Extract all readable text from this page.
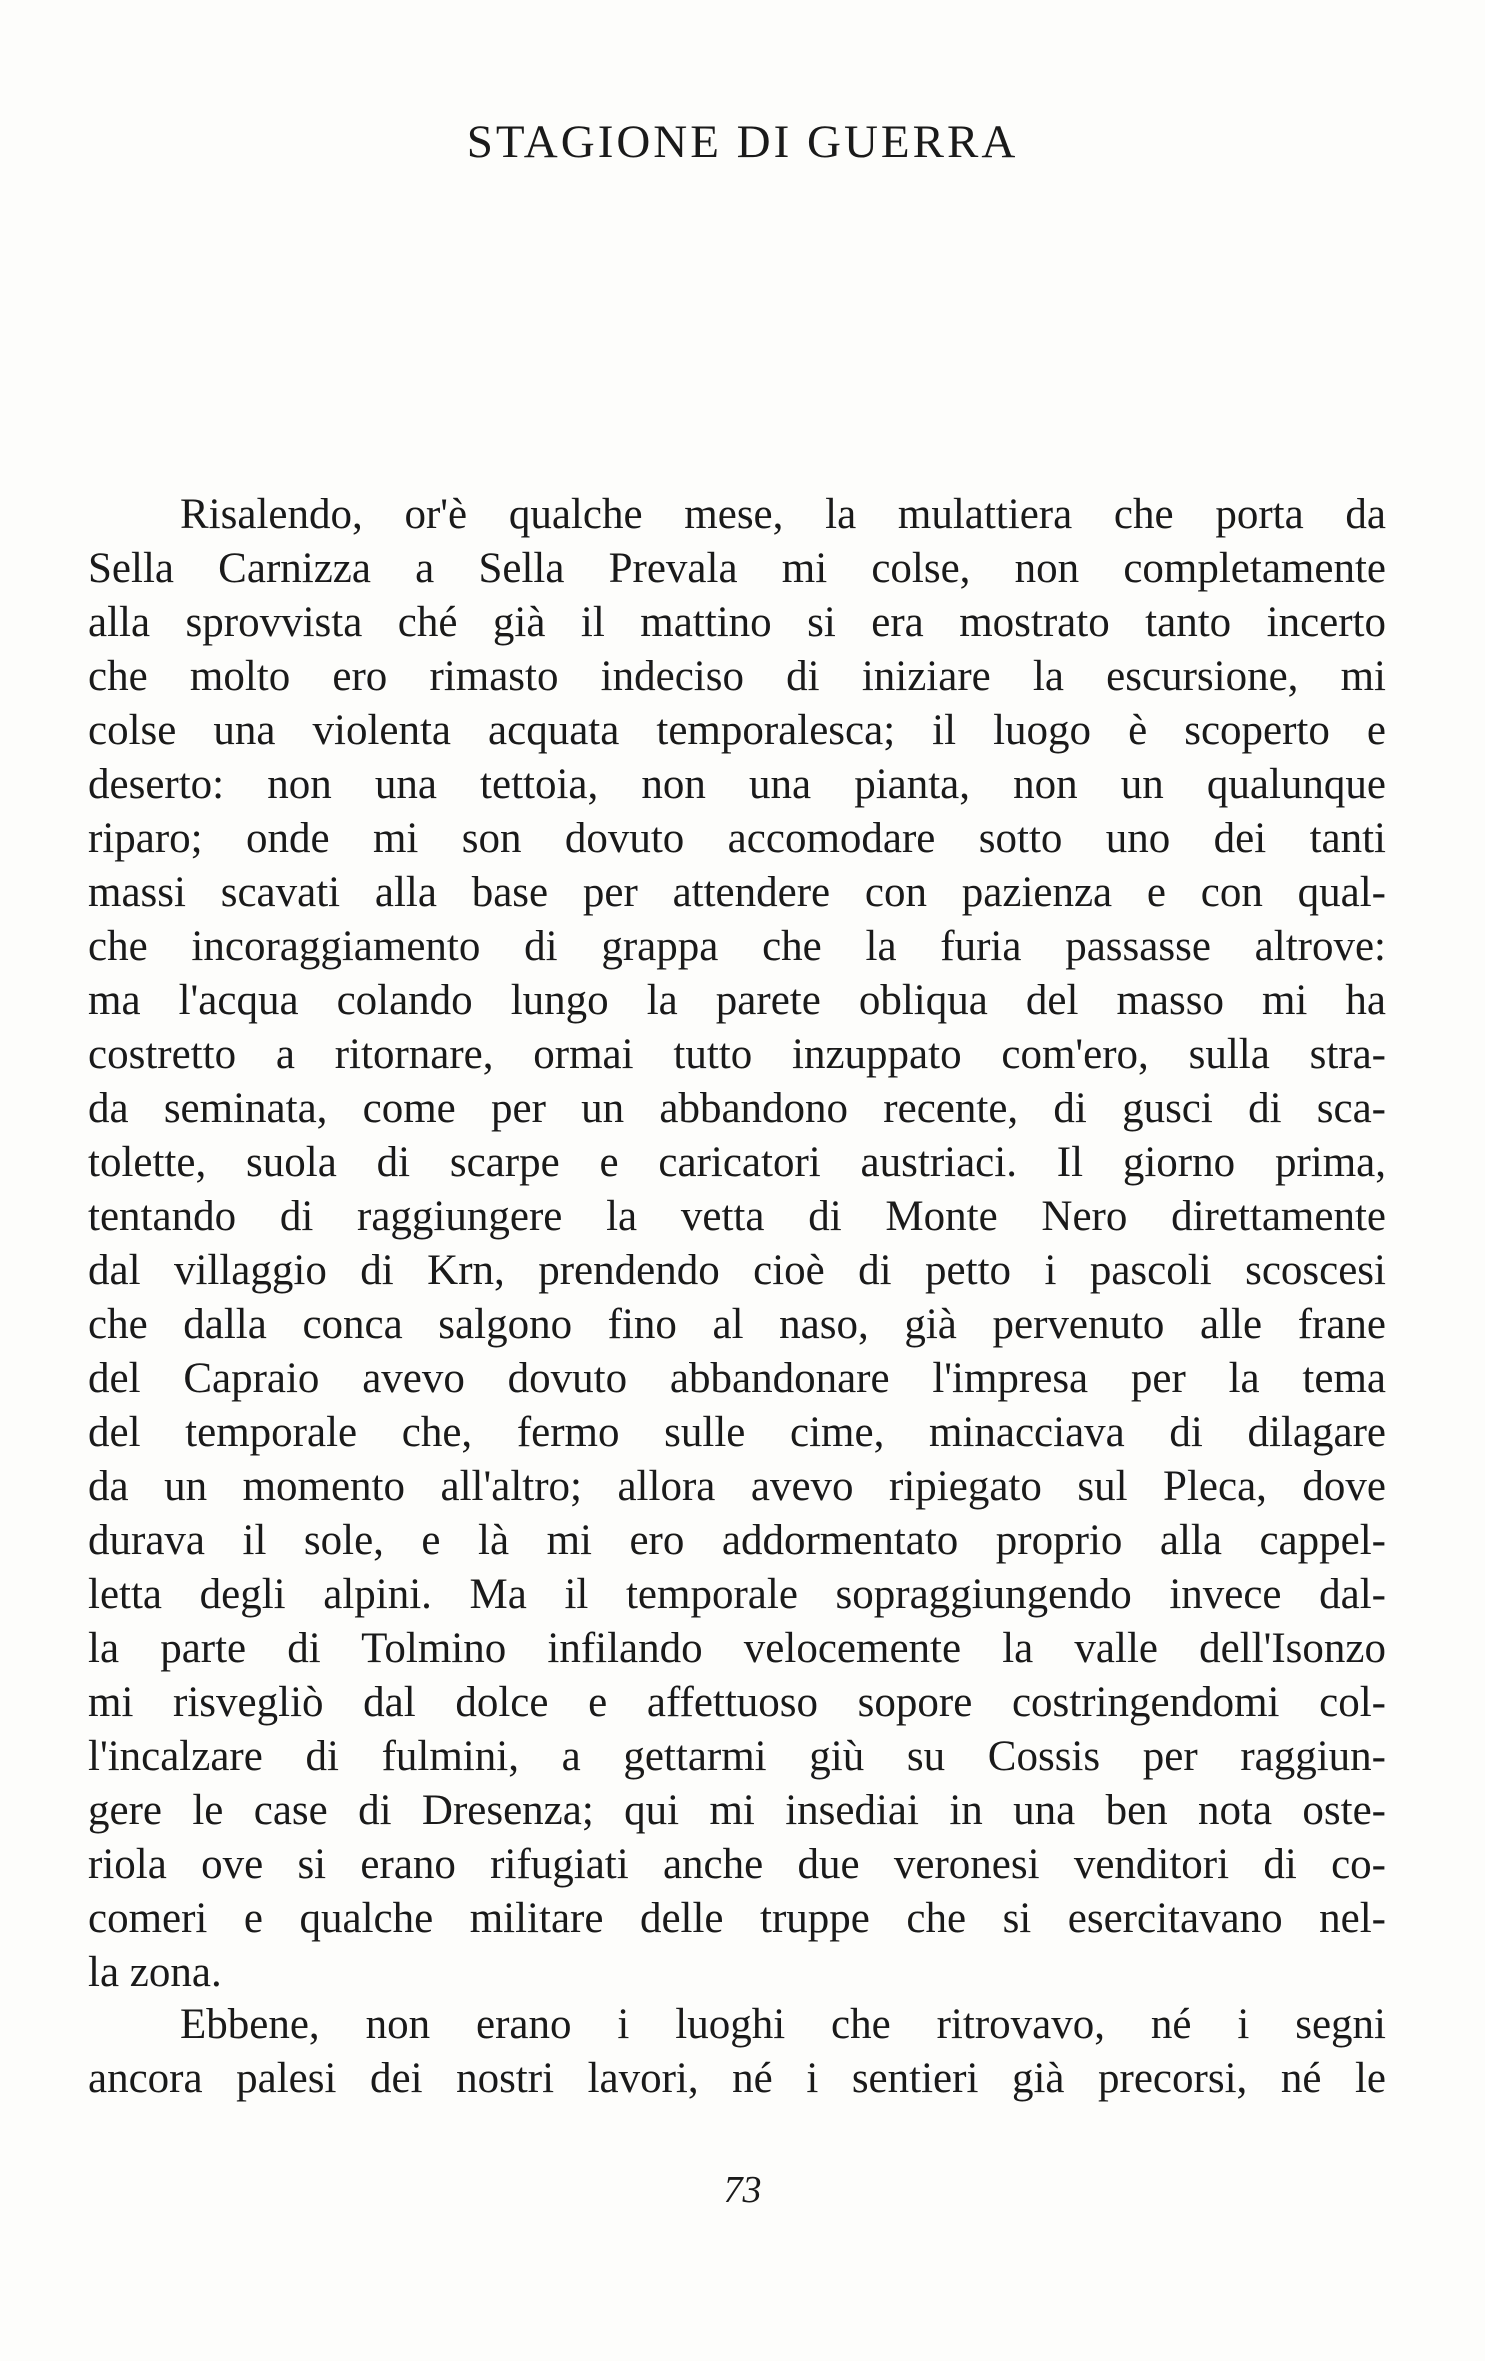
STAGIONE DI GUERRA
Risalendo, or'è qualche mese, la mulattiera che porta da
Sella Carnizza a Sella Prevala mi colse, non completamente
alla sprovvista ché già il mattino si era mostrato tanto incerto
che molto ero rimasto indeciso di iniziare la escursione, mi
colse una violenta acquata temporalesca; il luogo è scoperto e
deserto: non una tettoia, non una pianta, non un qualunque
riparo; onde mi son dovuto accomodare sotto uno dei tanti
massi scavati alla base per attendere con pazienza e con qual-
che incoraggiamento di grappa che la furia passasse altrove:
ma l'acqua colando lungo la parete obliqua del masso mi ha
costretto a ritornare, ormai tutto inzuppato com'ero, sulla stra-
da seminata, come per un abbandono recente, di gusci di sca-
tolette, suola di scarpe e caricatori austriaci. Il giorno prima,
tentando di raggiungere la vetta di Monte Nero direttamente
dal villaggio di Krn, prendendo cioè di petto i pascoli scoscesi
che dalla conca salgono fino al naso, già pervenuto alle frane
del Capraio avevo dovuto abbandonare l'impresa per la tema
del temporale che, fermo sulle cime, minacciava di dilagare
da un momento all'altro; allora avevo ripiegato sul Pleca, dove
durava il sole, e là mi ero addormentato proprio alla cappel-
letta degli alpini. Ma il temporale sopraggiungendo invece dal-
la parte di Tolmino infilando velocemente la valle dell'Isonzo
mi risvegliò dal dolce e affettuoso sopore costringendomi col-
l'incalzare di fulmini, a gettarmi giù su Cossis per raggiun-
gere le case di Dresenza; qui mi insediai in una ben nota oste-
riola ove si erano rifugiati anche due veronesi venditori di co-
comeri e qualche militare delle truppe che si esercitavano nel-
la zona.
Ebbene, non erano i luoghi che ritrovavo, né i segni
ancora palesi dei nostri lavori, né i sentieri già precorsi, né le
73
